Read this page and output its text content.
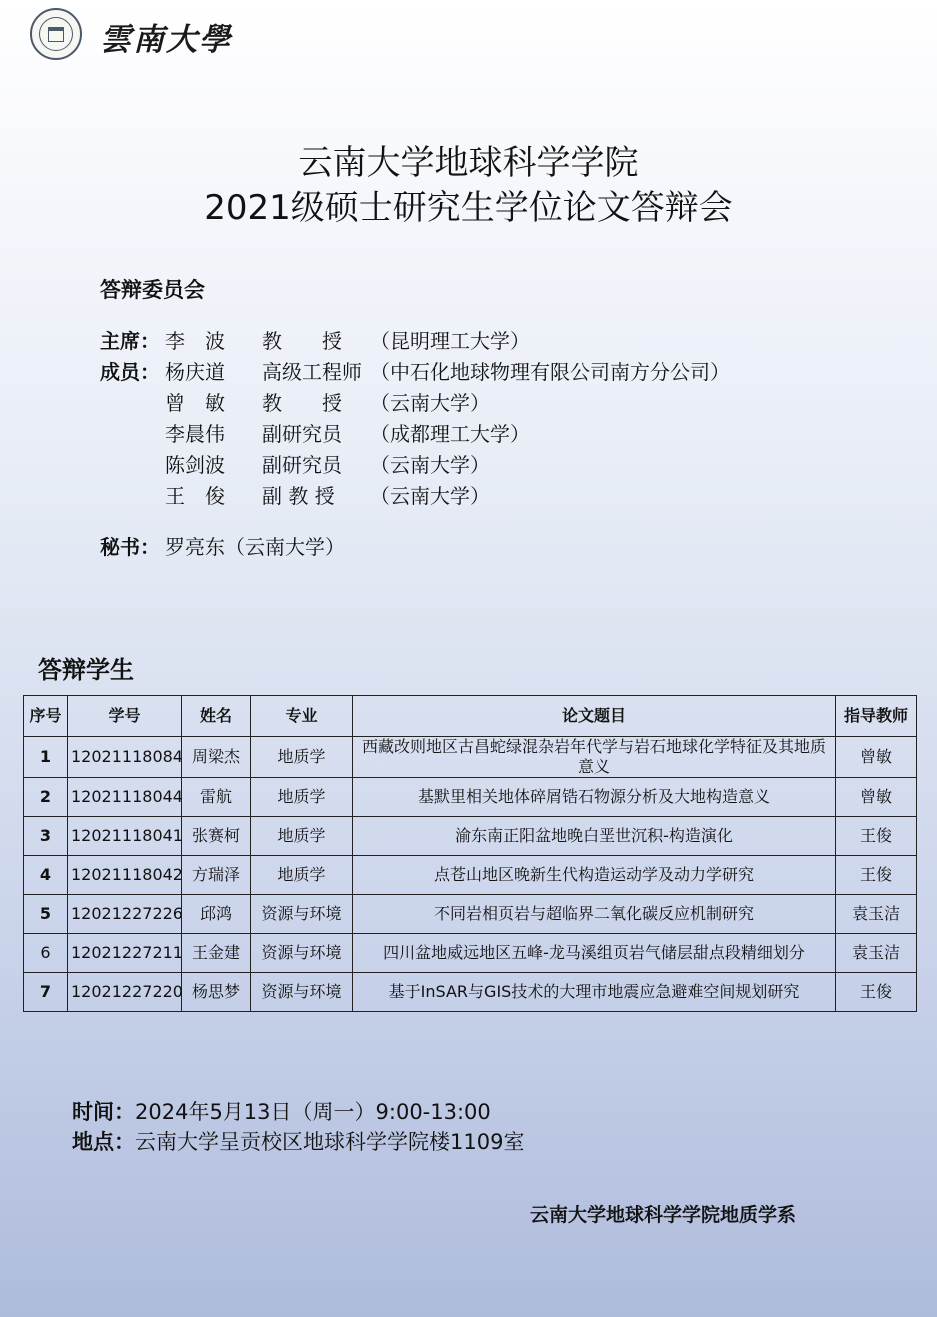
雲南大學
云南大学地球科学学院
2021级硕士研究生学位论文答辩会
答辩委员会
主席： 李　波 教　　授 （昆明理工大学）
成员： 杨庆道 高级工程师 （中石化地球物理有限公司南方分公司）
曾　敏 教　　授 （云南大学）
李晨伟 副研究员 （成都理工大学）
陈剑波 副研究员 （云南大学）
王　俊 副 教 授 （云南大学）
秘书： 罗亮东（云南大学）
答辩学生
序号	学号	姓名	专业	论文题目	指导教师
1	12021118084	周梁杰	地质学	西藏改则地区古昌蛇绿混杂岩年代学与岩石地球化学特征及其地质意义	曾敏
2	12021118044	雷航	地质学	基默里相关地体碎屑锆石物源分析及大地构造意义	曾敏
3	12021118041	张赛柯	地质学	渝东南正阳盆地晚白垩世沉积-构造演化	王俊
4	12021118042	方瑞泽	地质学	点苍山地区晚新生代构造运动学及动力学研究	王俊
5	12021227226	邱鸿	资源与环境	不同岩相页岩与超临界二氧化碳反应机制研究	袁玉洁
6	12021227211	王金建	资源与环境	四川盆地威远地区五峰-龙马溪组页岩气储层甜点段精细划分	袁玉洁
7	12021227220	杨思梦	资源与环境	基于InSAR与GIS技术的大理市地震应急避难空间规划研究	王俊
时间：2024年5月13日（周一）9:00-13:00
地点：云南大学呈贡校区地球科学学院楼1109室
云南大学地球科学学院地质学系
